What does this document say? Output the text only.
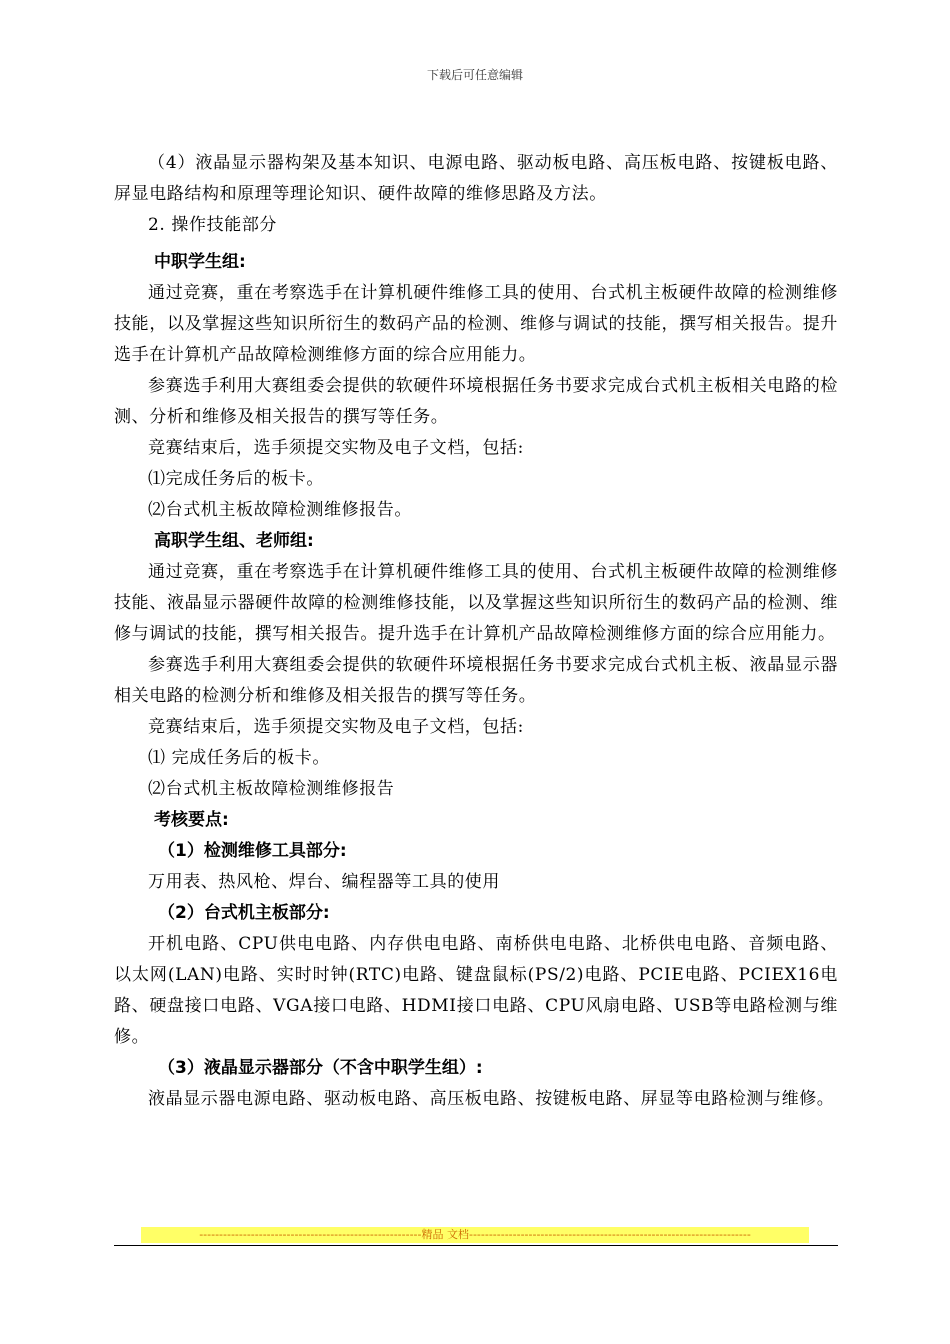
下载后可任意编辑

（4）液晶显示器构架及基本知识、电源电路、驱动板电路、高压板电路、按键板电路、屏显电路结构和原理等理论知识、硬件故障的维修思路及方法。

2. 操作技能部分

中职学生组:

通过竞赛，重在考察选手在计算机硬件维修工具的使用、台式机主板硬件故障的检测维修技能，以及掌握这些知识所衍生的数码产品的检测、维修与调试的技能，撰写相关报告。提升选手在计算机产品故障检测维修方面的综合应用能力。

参赛选手利用大赛组委会提供的软硬件环境根据任务书要求完成台式机主板相关电路的检测、分析和维修及相关报告的撰写等任务。

竞赛结束后，选手须提交实物及电子文档，包括:

⑴完成任务后的板卡。

⑵台式机主板故障检测维修报告。

高职学生组、老师组:

通过竞赛，重在考察选手在计算机硬件维修工具的使用、台式机主板硬件故障的检测维修技能、液晶显示器硬件故障的检测维修技能，以及掌握这些知识所衍生的数码产品的检测、维修与调试的技能，撰写相关报告。提升选手在计算机产品故障检测维修方面的综合应用能力。

参赛选手利用大赛组委会提供的软硬件环境根据任务书要求完成台式机主板、液晶显示器相关电路的检测分析和维修及相关报告的撰写等任务。

竞赛结束后，选手须提交实物及电子文档，包括:

⑴ 完成任务后的板卡。

⑵台式机主板故障检测维修报告

考核要点:

（1）检测维修工具部分:

万用表、热风枪、焊台、编程器等工具的使用

（2）台式机主板部分:

开机电路、CPU供电电路、内存供电电路、南桥供电电路、北桥供电电路、音频电路、以太网(LAN)电路、实时时钟(RTC)电路、键盘鼠标(PS/2)电路、PCIE电路、PCIEX16电路、硬盘接口电路、VGA接口电路、HDMI接口电路、CPU风扇电路、USB等电路检测与维修。

（3）液晶显示器部分（不含中职学生组）:

液晶显示器电源电路、驱动板电路、高压板电路、按键板电路、屏显等电路检测与维修。

--------------------------------------------------------精品 文档-----------------------------------------------------------------------
